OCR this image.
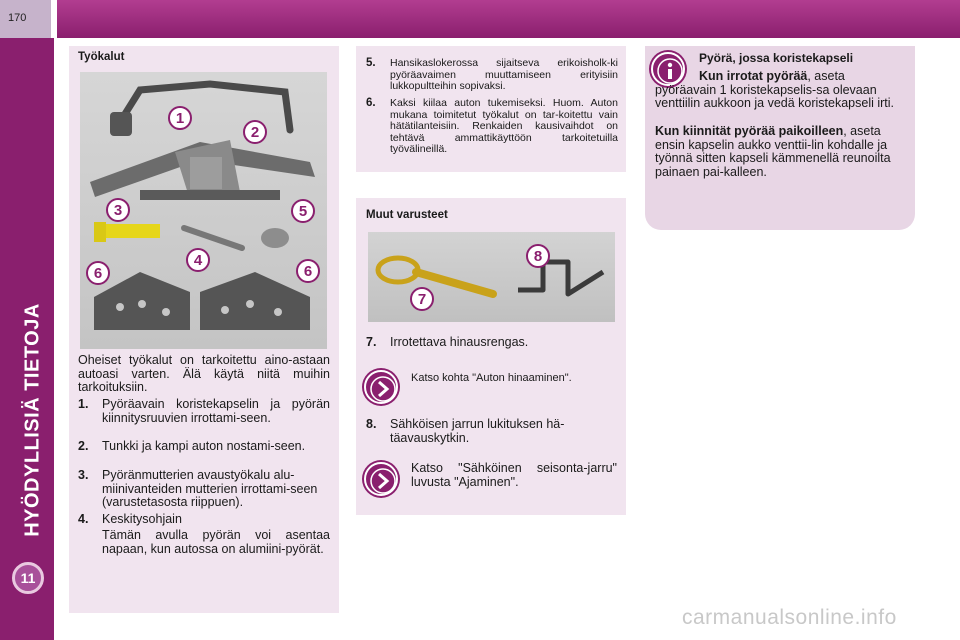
170
HYÖDYLLISIÄ TIETOJA
11
Työkalut
1
2
3
4
5
6	6
Oheiset työkalut on tarkoitettu aino-astaan autoasi varten. Älä käytä niitä muihin tarkoituksiin.
1.	Pyöräavain koristekapselin ja pyörän kiinnitysruuvien irrottami-seen.
2.	Tunkki ja kampi auton nostami-seen.
3.	Pyöränmutterien avaustyökalu alu-miinivanteiden mutterien irrottami-seen (varustetasosta riippuen).
4.	Keskitysohjain
Tämän avulla pyörän voi asentaa napaan, kun autossa on alumiini-pyörät.
5.	Hansikaslokerossa sijaitseva erikoisholk-ki pyöräavaimen muuttamiseen erityisiin lukkopultteihin sopivaksi.
6.	Kaksi kiilaa auton tukemiseksi. Huom. Auton mukana toimitetut työkalut on tar-koitettu vain hätätilanteisiin. Renkaiden kausivaihdot on tehtävä ammattikäyttöön tarkoitetuilla työvälineillä.
Muut varusteet
8
7
7.	Irrotettava hinausrengas.
Katso kohta "Auton hinaaminen".
8.	Sähköisen jarrun lukituksen hä-täavauskytkin.
Katso "Sähköinen seisonta-jarru" luvusta "Ajaminen".
Pyörä, jossa koristekapseli
Kun irrotat pyörää, aseta pyöräavain 1 koristekapselis-sa olevaan venttiilin aukkoon ja vedä koristekapseli irti.
Kun kiinnität pyörää paikoilleen, aseta ensin kapselin aukko venttii-lin kohdalle ja työnnä sitten kapseli kämmenellä reunoilta painaen pai-kalleen.
carmanualsonline.info
